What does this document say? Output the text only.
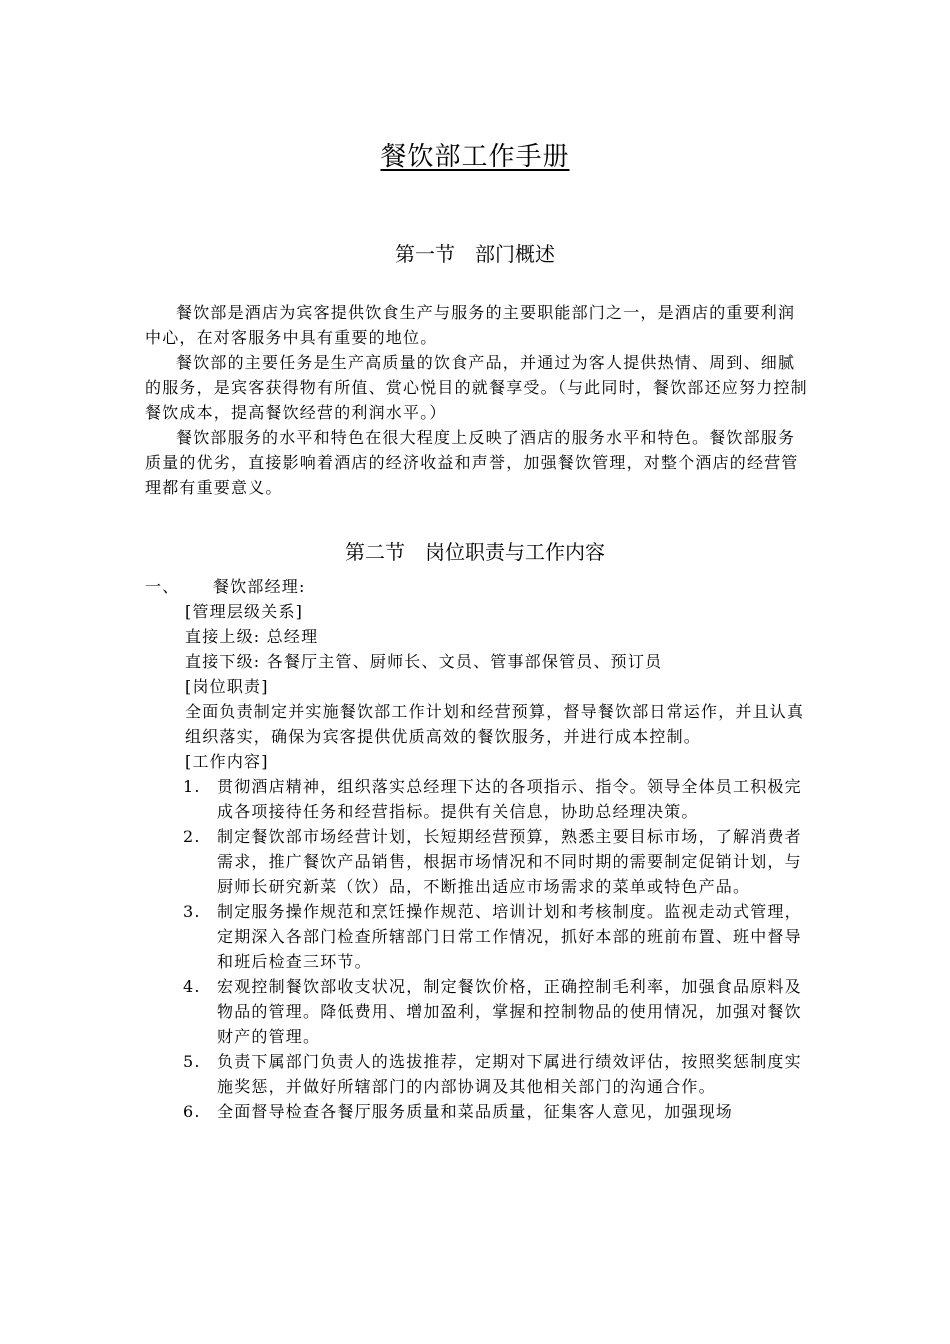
餐饮部工作手册
第一节　部门概述

餐饮部是酒店为宾客提供饮食生产与服务的主要职能部门之一，是酒店的重要利润中心，在对客服务中具有重要的地位。

餐饮部的主要任务是生产高质量的饮食产品，并通过为客人提供热情、周到、细腻的服务，是宾客获得物有所值、赏心悦目的就餐享受。（与此同时，餐饮部还应努力控制餐饮成本，提高餐饮经营的利润水平。）

餐饮部服务的水平和特色在很大程度上反映了酒店的服务水平和特色。餐饮部服务质量的优劣，直接影响着酒店的经济收益和声誉，加强餐饮管理，对整个酒店的经营管理都有重要意义。

第二节　岗位职责与工作内容
一、 餐饮部经理:
[管理层级关系]
直接上级: 总经理
直接下级: 各餐厅主管、厨师长、文员、管事部保管员、预订员
[岗位职责]
全面负责制定并实施餐饮部工作计划和经营预算，督导餐饮部日常运作，并且认真组织落实，确保为宾客提供优质高效的餐饮服务，并进行成本控制。
[工作内容]
1. 贯彻酒店精神，组织落实总经理下达的各项指示、指令。领导全体员工积极完成各项接待任务和经营指标。提供有关信息，协助总经理决策。
2. 制定餐饮部市场经营计划，长短期经营预算，熟悉主要目标市场，了解消费者需求，推广餐饮产品销售，根据市场情况和不同时期的需要制定促销计划，与厨师长研究新菜（饮）品，不断推出适应市场需求的菜单或特色产品。
3. 制定服务操作规范和烹饪操作规范、培训计划和考核制度。监视走动式管理，定期深入各部门检查所辖部门日常工作情况，抓好本部的班前布置、班中督导和班后检查三环节。
4. 宏观控制餐饮部收支状况，制定餐饮价格，正确控制毛利率，加强食品原料及物品的管理。降低费用、增加盈利，掌握和控制物品的使用情况，加强对餐饮财产的管理。
5. 负责下属部门负责人的选拔推荐，定期对下属进行绩效评估，按照奖惩制度实施奖惩，并做好所辖部门的内部协调及其他相关部门的沟通合作。
6. 全面督导检查各餐厅服务质量和菜品质量，征集客人意见，加强现场
